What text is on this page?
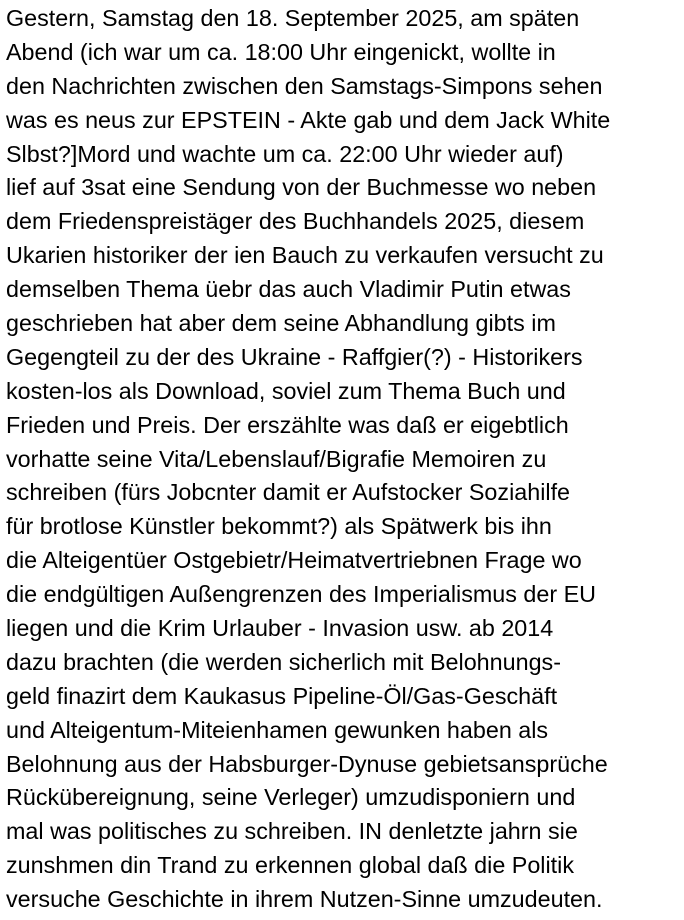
Gestern, Samstag den 18. September 2025, am späten
Abend (ich war um ca. 18:00 Uhr eingenickt, wollte in
den Nachrichten zwischen den Samstags-Simpons sehen
was es neus zur EPSTEIN - Akte gab und dem Jack White
Slbst?]Mord und wachte um ca. 22:00 Uhr wieder auf)
lief auf 3sat eine Sendung von der Buchmesse wo neben
dem Friedenspreistäger des Buchhandels 2025, diesem
Ukarien historiker der ien Bauch zu verkaufen versucht zu
demselben Thema üebr das auch Vladimir Putin etwas
geschrieben hat aber dem seine Abhandlung gibts im
Gegengteil zu der des Ukraine - Raffgier(?) - Historikers
kosten-los als Download, soviel zum Thema Buch und
Frieden und Preis. Der erszählte was daß er eigebtlich
vorhatte seine Vita/Lebenslauf/Bigrafie Memoiren zu
schreiben (fürs Jobcnter damit er Aufstocker Soziahilfe
für brotlose Künstler bekommt?) als Spätwerk bis ihn
die Alteigentüer Ostgebietr/Heimatvertriebnen Frage wo
die endgültigen Außengrenzen des Imperialismus der EU
liegen und die Krim Urlauber - Invasion usw. ab 2014
dazu brachten (die werden sicherlich mit Belohnungs-
geld finazirt dem Kaukasus Pipeline-Öl/Gas-Geschäft
und Alteigentum-Miteienhamen gewunken haben als
Belohnung aus der Habsburger-Dynuse gebietsansprüche
Rückübereignung, seine Verleger) umzudisponiern und
mal was politisches zu schreiben. IN denletzte jahrn sie
zunshmen din Trand zu erkennen global daß die Politik
versuche Geschichte in ihrem Nutzen-Sinne umzudeuten.
